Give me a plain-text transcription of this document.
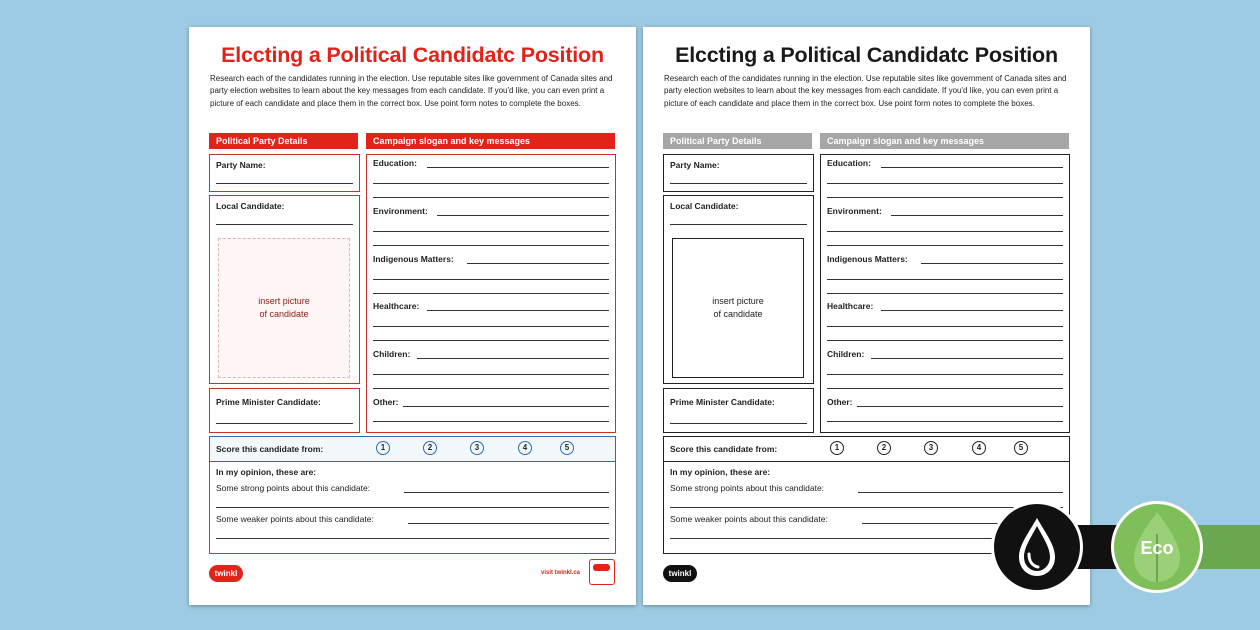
Elccting a Political Candidatc Position
Research each of the candidates running in the election. Use reputable sites like government of Canada sites and party election websites to learn about the key messages from each candidate. If you'd like, you can even print a picture of each candidate and place them in the correct box. Use point form notes to complete the boxes.
Political Party Details	Campaign slogan and key messages
Party Name:
Local Candidate:
insert picture
of candidate
Prime Minister Candidate:
Education:
Environment:
Indigenous Matters:
Healthcare:
Children:
Other:
Score this candidate from:	1	2	3	4	5
In my opinion, these are:
Some strong points about this candidate:
Some weaker points about this candidate:
twinkl	visit twinkl.ca
Elccting a Political Candidatc Position
Research each of the candidates running in the election. Use reputable sites like government of Canada sites and party election websites to learn about the key messages from each candidate. If you'd like, you can even print a picture of each candidate and place them in the correct box. Use point form notes to complete the boxes.
Political Party Details	Campaign slogan and key messages
Party Name:
Local Candidate:
insert picture
of candidate
Prime Minister Candidate:
Education:
Environment:
Indigenous Matters:
Healthcare:
Children:
Other:
Score this candidate from:	1	2	3	4	5
In my opinion, these are:
Some strong points about this candidate:
Some weaker points about this candidate:
twinkl
Eco
